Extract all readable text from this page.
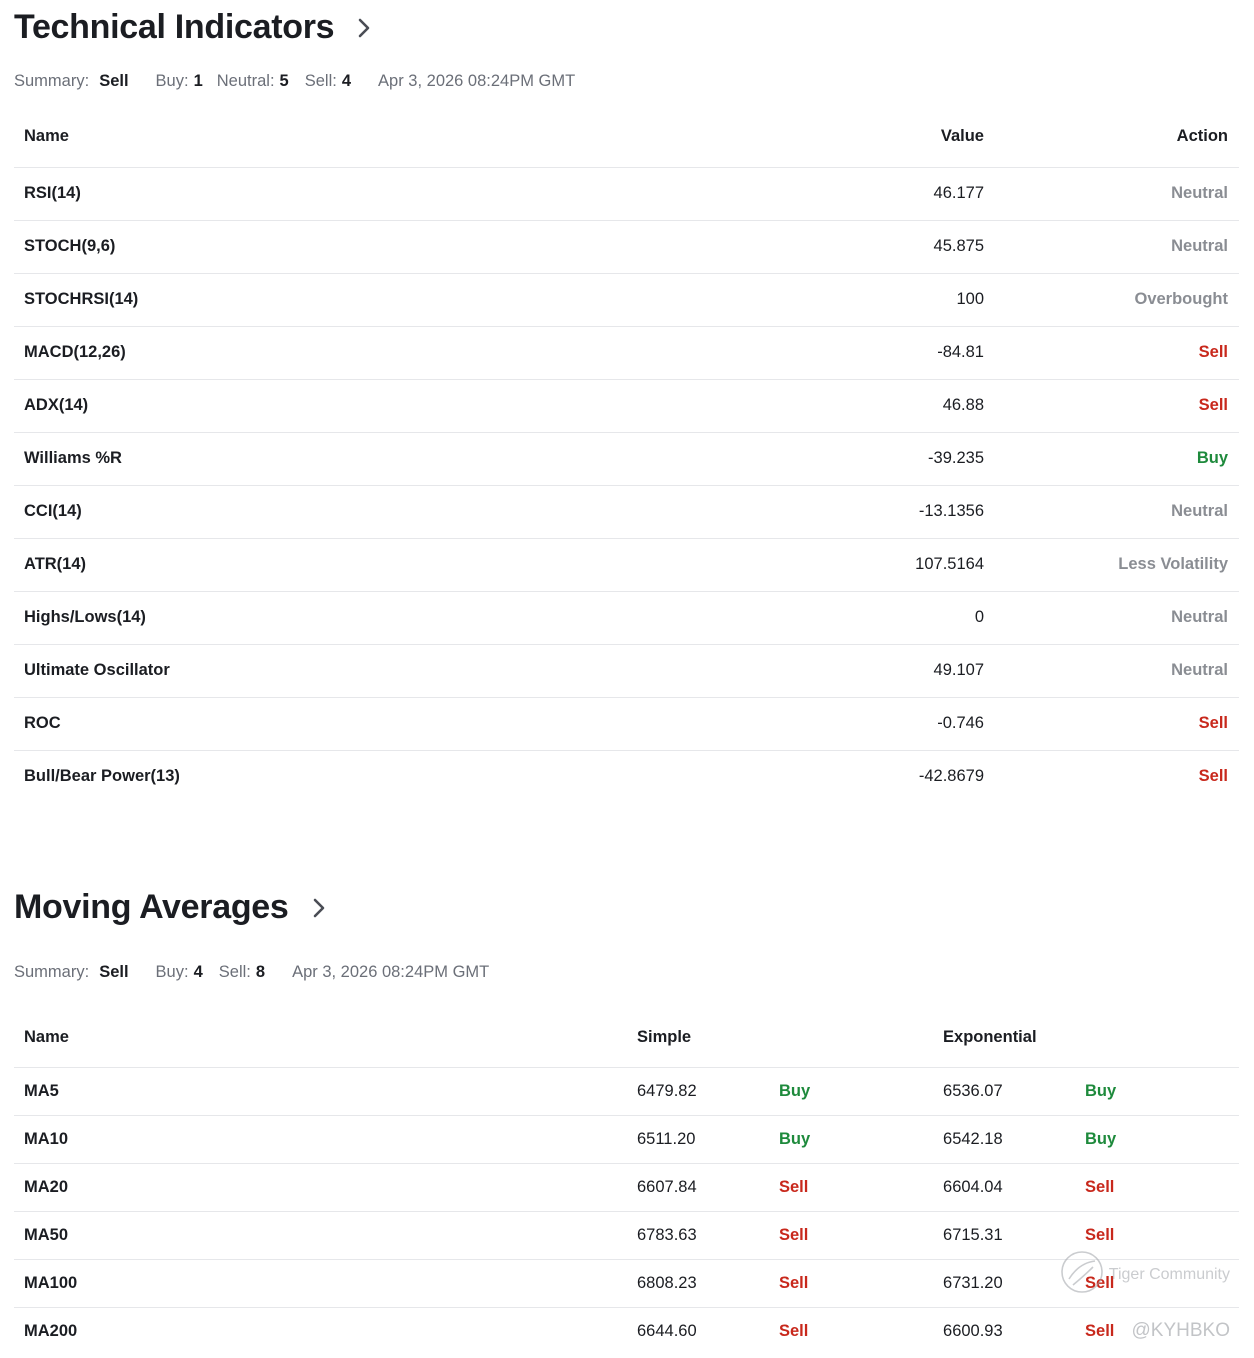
Technical Indicators
Summary: Sell Buy: 1 Neutral: 5 Sell: 4 Apr 3, 2026 08:24PM GMT
Name	Value	Action
RSI(14)	46.177	Neutral
STOCH(9,6)	45.875	Neutral
STOCHRSI(14)	100	Overbought
MACD(12,26)	-84.81	Sell
ADX(14)	46.88	Sell
Williams %R	-39.235	Buy
CCI(14)	-13.1356	Neutral
ATR(14)	107.5164	Less Volatility
Highs/Lows(14)	0	Neutral
Ultimate Oscillator	49.107	Neutral
ROC	-0.746	Sell
Bull/Bear Power(13)	-42.8679	Sell
Moving Averages
Summary: Sell Buy: 4 Sell: 8 Apr 3, 2026 08:24PM GMT
Name	Simple		Exponential	
MA5	6479.82	Buy	6536.07	Buy
MA10	6511.20	Buy	6542.18	Buy
MA20	6607.84	Sell	6604.04	Sell
MA50	6783.63	Sell	6715.31	Sell
MA100	6808.23	Sell	6731.20	Sell
MA200	6644.60	Sell	6600.93	Sell
Tiger Community
@KYHBKO
